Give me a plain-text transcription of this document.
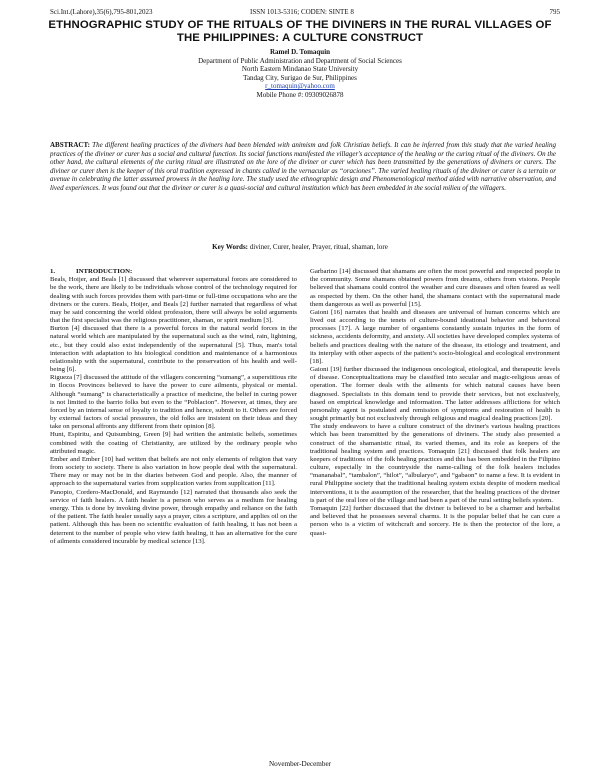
Sci.Int.(Lahore),35(6),795-801,2023	ISSN 1013-5316; CODEN: SINTE 8	795
ETHNOGRAPHIC STUDY OF THE RITUALS OF THE DIVINERS IN THE RURAL VILLAGES OF THE PHILIPPINES: A CULTURE CONSTRUCT
Ramel D. Tomaquin
Department of Public Administration and Department of Social Sciences
North Eastern Mindanao State University
Tandag City, Surigao de Sur, Philippines
r_tomaquin@yahoo.com
Mobile Phone #: 09309026878
ABSTRACT: The different healing practices of the diviners had been blended with animism and folk Christian beliefs. It can be inferred from this study that the varied healing practices of the diviner or curer has a social and cultural function. Its social functions manifested the villager's acceptance of the healing or the curing ritual of the diviners. On the other hand, the cultural elements of the curing ritual are illustrated on the lore of the diviner or curer which has been transmitted by the generations of diviners or curers. The diviner or curer then is the keeper of this oral tradition expressed in chants called in the vernacular as “oraciones”. The varied healing rituals of the diviner or curer is a terrain or avenue in celebrating the latter assumed prowess in the healing lore. The study used the ethnographic design and Phenomenological method aided with narrative observation, and lived experiences. It was found out that the diviner or curer is a quasi-social and cultural institution which has been embedded in the social milieu of the villagers.
Key Words: diviner, Curer, healer, Prayer, ritual, shaman, lore

1.	INTRODUCTION:

Beals, Hoijer, and Beals [1] discussed that wherever supernatural forces are considered to be the work, there are likely to be individuals whose control of the technology required for dealing with such forces provides them with part-time or full-time occupations who are the diviners or the curers. Beals, Hoijer, and Beals [2] further narrated that regardless of what may be said concerning the world oldest profession, there will always be solid arguments that the first specialist was the religious practitioner, shaman, or spirit medium [3].

Burton [4] discussed that there is a powerful forces in the natural world forces in the natural world which are manipulated by the supernatural such as the wind, rain, lightning, etc., but they could also exist independently of the supernatural [5]. Thus, man's total interaction with adaptation to his biological condition and maintenance of a harmonious relationship with the supernatural, contribute to the preservation of his health and well-being [6].

Rigueza [7] discussed the attitude of the villagers concerning “sumang”, a superstitious rite in Ilocos Provinces believed to have the power to cure ailments, physical or mental. Although “sumang” is characteristically a practice of medicine, the belief in curing power is not limited to the barrio folks but even to the “Poblacion”. However, at times, they are forced by an internal sense of loyalty to tradition and hence, submit to it. Others are forced by external factors of social pressures, the old folks are insistent on their ideas and they take on personal affronts any different from their opinion [8].

Hunt, Espiritu, and Quisumbing, Green [9] had written the animistic beliefs, sometimes combined with the coating of Christianity, are utilized by the ordinary people who attributed magic.

Ember and Ember [10] had written that beliefs are not only elements of religion that vary from society to society. There is also variation in how people deal with the supernatural. There may or may not be in the diaries between God and people. Also, the manner of approach to the supernatural varies from supplication varies from supplication [11].

Panopio, Cordero-MacDonald, and Raymundo [12] narrated that thousands also seek the service of faith healers. A faith healer is a person who serves as a medium for healing energy. This is done by invoking divine power, through empathy and reliance on the faith of the patient. The faith healer usually says a prayer, cites a scripture, and applies oil on the patient. Although this has been no scientific evaluation of faith healing, it has not been a deterrent to the number of people who view faith healing, it has an alternative for the cure of ailments considered incurable by medical science [13].

Garbarino [14] discussed that shamans are often the most powerful and respected people in the community. Some shamans obtained powers from dreams, others from visions. People believed that shamans could control the weather and cure diseases and often feared as well as respected by them. On the other hand, the shamans contact with the supernatural made them dangerous as well as powerful [15].

Gaioni [16] narrates that health and diseases are universal of human concerns which are lived out according to the tenets of culture-bound ideational behavior and behavioral processes [17]. A large number of organisms constantly sustain injuries in the form of sickness, accidents deformity, and anxiety. All societies have developed complex systems of beliefs and practices dealing with the nature of the disease, its etiology and treatment, and its interplay with other aspects of the patient’s socio-biological and ecological environment [18].

Gaioni [19] further discussed the indigenous oncological, etiological, and therapeutic levels of disease. Conceptualizations may be classified into secular and magic-religious areas of operation. The former deals with the ailments for which natural causes have been diagnosed. Specialists in this domain tend to provide their services, but not exclusively, based on empirical knowledge and information. The latter addresses afflictions for which personality agent is postulated and remission of symptoms and restoration of health is sought primarily but not exclusively through religious and magical dealing practices [20].

The study endeavors to have a culture construct of the diviner's various healing practices which has been transmitted by the generations of diviners. The study also presented a construct of the shamanistic ritual, its varied themes, and its role as keepers of the traditional healing system and practices. Tomaquin [21] discussed that folk healers are keepers of traditions of the folk healing practices and this has been embedded in the Filipino culture, especially in the countryside the name-calling of the folk healers includes “mananabal”, “tambalon”, “hilot”, “albularyo”, and “gabaon” to name a few. It is evident in rural Philippine society that the traditional healing system exists despite of modern medical interventions, it is the assumption of the researcher, that the healing practices of the diviner is part of the oral lore of the village and had been a part of the rural setting beliefs system.

Tomaquin [22] further discussed that the diviner is believed to be a charmer and herbalist and believed that he possesses several charms. It is the popular belief that he can cure a person who is a victim of witchcraft and sorcery. He is then the protector of the lore, a quasi-

November-December
